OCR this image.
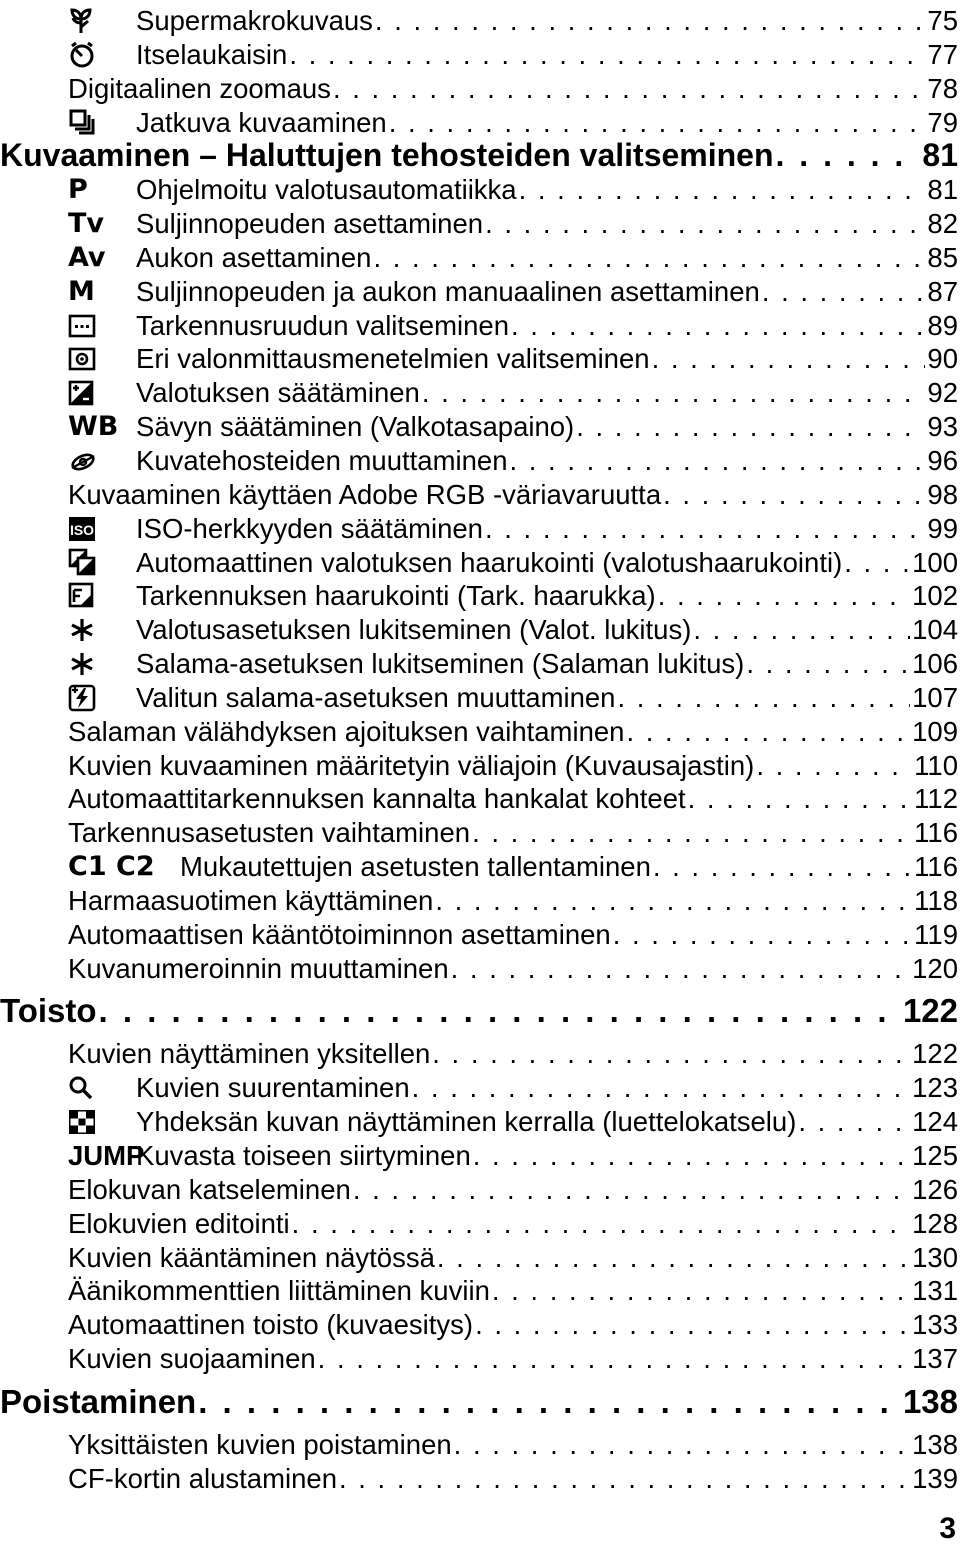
Supermakrokuvaus . . .	75
Itselaukaisin . . .	77
Digitaalinen zoomaus . . .	78
Jatkuva kuvaaminen . . .	79
Kuvaaminen – Haluttujen tehosteiden valitseminen . . .	81
P Ohjelmoitu valotusautomatiikka . . .	81
Tv Suljinnopeuden asettaminen . . .	82
Av Aukon asettaminen . . .	85
M Suljinnopeuden ja aukon manuaalinen asettaminen . . .	87
Tarkennusruudun valitseminen . . .	89
Eri valonmittausmenetelmien valitseminen . . .	90
Valotuksen säätäminen . . .	92
WB Sävyn säätäminen (Valkotasapaino) . . .	93
Kuvatehosteiden muuttaminen . . .	96
Kuvaaminen käyttäen Adobe RGB -väriavaruutta . . .	98
ISO ISO-herkkyyden säätäminen . . .	99
Automaattinen valotuksen haarukointi (valotushaarukointi) . . .	100
Tarkennuksen haarukointi (Tark. haarukka) . . .	102
Valotusasetuksen lukitseminen (Valot. lukitus) . . .	104
Salama-asetuksen lukitseminen (Salaman lukitus) . . .	106
Valitun salama-asetuksen muuttaminen . . .	107
Salaman välähdyksen ajoituksen vaihtaminen . . .	109
Kuvien kuvaaminen määritetyin väliajoin (Kuvausajastin) . . .	110
Automaattitarkennuksen kannalta hankalat kohteet . . .	112
Tarkennusasetusten vaihtaminen . . .	116
C1 C2 Mukautettujen asetusten tallentaminen . . .	116
Harmaasuotimen käyttäminen . . .	118
Automaattisen kääntötoiminnon asettaminen . . .	119
Kuvanumeroinnin muuttaminen . . .	120
Toisto . . .	122
Kuvien näyttäminen yksitellen . . .	122
Kuvien suurentaminen . . .	123
Yhdeksän kuvan näyttäminen kerralla (luettelokatselu) . . .	124
JUMP
Kuvasta toiseen siirtyminen . . .	125
Elokuvan katseleminen . . .	126
Elokuvien editointi . . .	128
Kuvien kääntäminen näytössä . . .	130
Äänikommenttien liittäminen kuviin . . .	131
Automaattinen toisto (kuvaesitys) . . .	133
Kuvien suojaaminen . . .	137
Poistaminen . . .	138
Yksittäisten kuvien poistaminen . . .	138
CF-kortin alustaminen . . .	139
3
